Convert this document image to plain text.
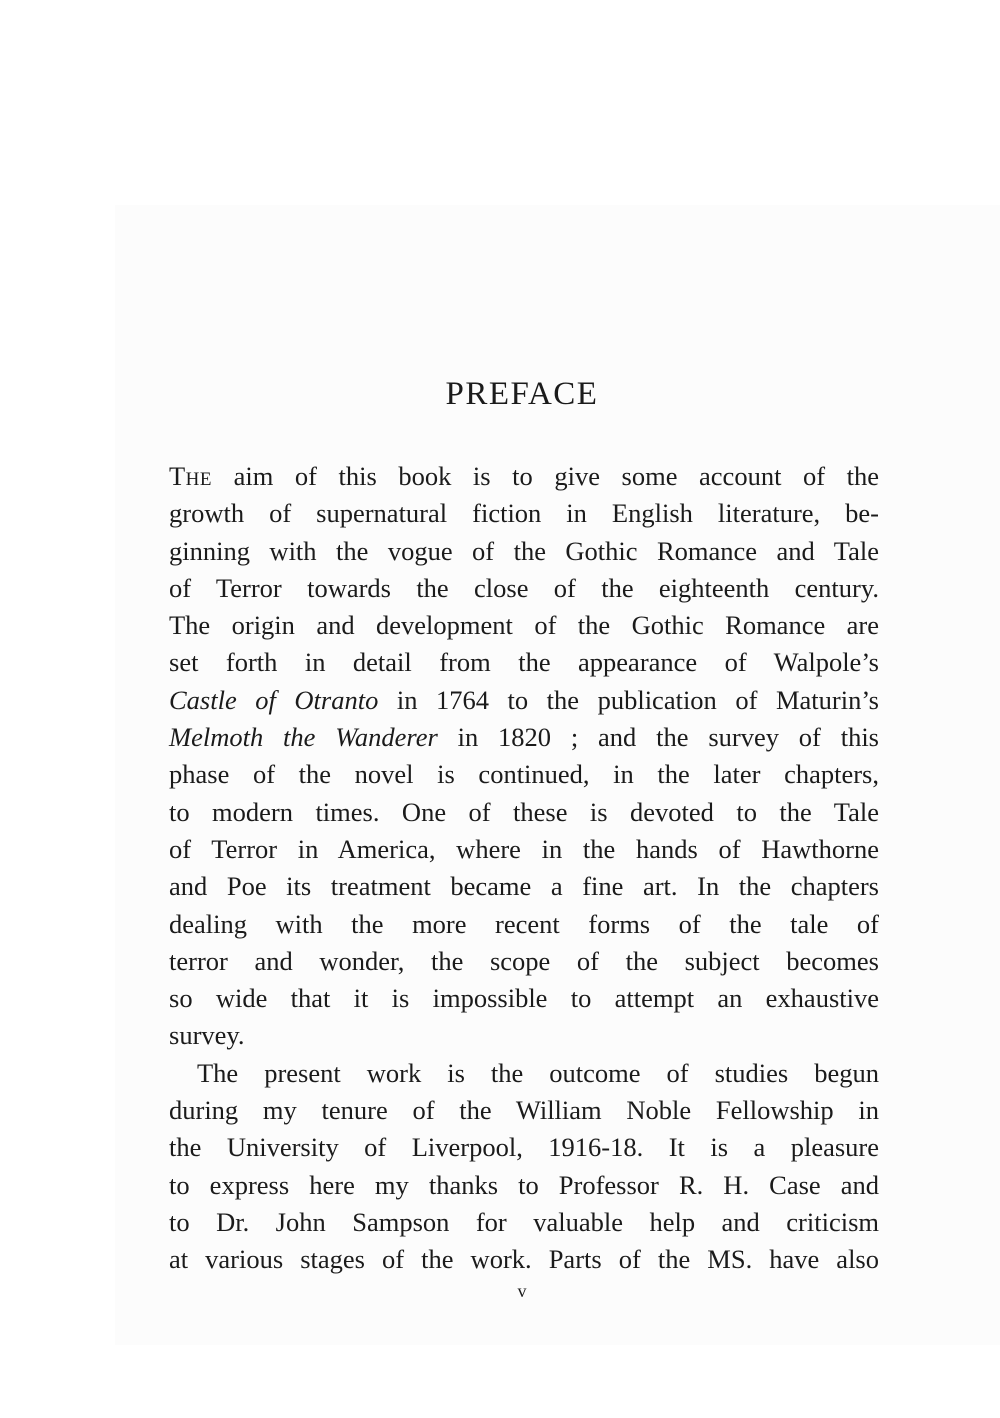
PREFACE
The aim of this book is to give some account of the
growth of supernatural fiction in English literature, be-
ginning with the vogue of the Gothic Romance and Tale
of Terror towards the close of the eighteenth century.
The origin and development of the Gothic Romance are
set forth in detail from the appearance of Walpole’s
Castle of Otranto in 1764 to the publication of Maturin’s
Melmoth the Wanderer in 1820 ; and the survey of this
phase of the novel is continued, in the later chapters,
to modern times. One of these is devoted to the Tale
of Terror in America, where in the hands of Hawthorne
and Poe its treatment became a fine art. In the chapters
dealing with the more recent forms of the tale of
terror and wonder, the scope of the subject becomes
so wide that it is impossible to attempt an exhaustive
survey.
The present work is the outcome of studies begun
during my tenure of the William Noble Fellowship in
the University of Liverpool, 1916-18. It is a pleasure
to express here my thanks to Professor R. H. Case and
to Dr. John Sampson for valuable help and criticism
at various stages of the work. Parts of the MS. have also
v
